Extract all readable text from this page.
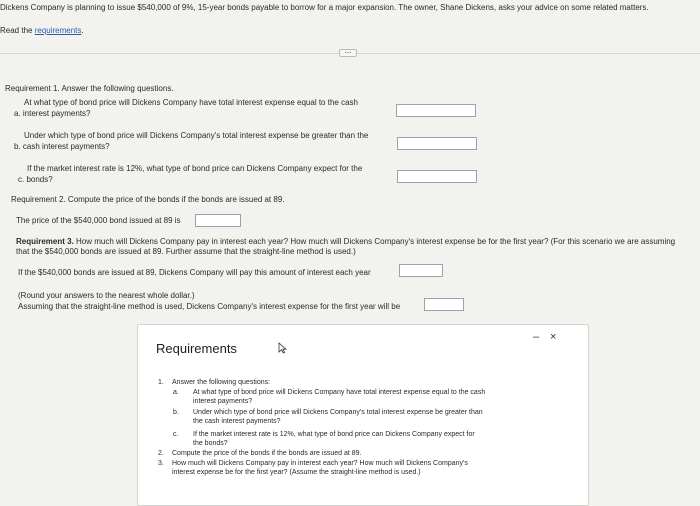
Dickens Company is planning to issue $540,000 of 9%, 15-year bonds payable to borrow for a major expansion. The owner, Shane Dickens, asks your advice on some related matters.
Read the requirements.
....
Requirement 1. Answer the following questions.
At what type of bond price will Dickens Company have total interest expense equal to the cash
a. interest payments?
Under which type of bond price will Dickens Company's total interest expense be greater than the
b. cash interest payments?
If the market interest rate is 12%, what type of bond price can Dickens Company expect for the
c. bonds?
Requirement 2. Compute the price of the bonds if the bonds are issued at 89.
The price of the $540,000 bond issued at 89 is
Requirement 3. How much will Dickens Company pay in interest each year? How much will Dickens Company's interest expense be for the first year? (For this scenario we are assuming
that the $540,000 bonds are issued at 89. Further assume that the straight-line method is used.)
If the $540,000 bonds are issued at 89, Dickens Company will pay this amount of interest each year
(Round your answers to the nearest whole dollar.)
Assuming that the straight-line method is used, Dickens Company's interest expense for the first year will be
Requirements
– ×
1. Answer the following questions:
a. At what type of bond price will Dickens Company have total interest expense equal to the cash
interest payments?
b. Under which type of bond price will Dickens Company's total interest expense be greater than
the cash interest payments?
c. If the market interest rate is 12%, what type of bond price can Dickens Company expect for
the bonds?
2. Compute the price of the bonds if the bonds are issued at 89.
3. How much will Dickens Company pay in interest each year? How much will Dickens Company's
interest expense be for the first year? (Assume the straight-line method is used.)
